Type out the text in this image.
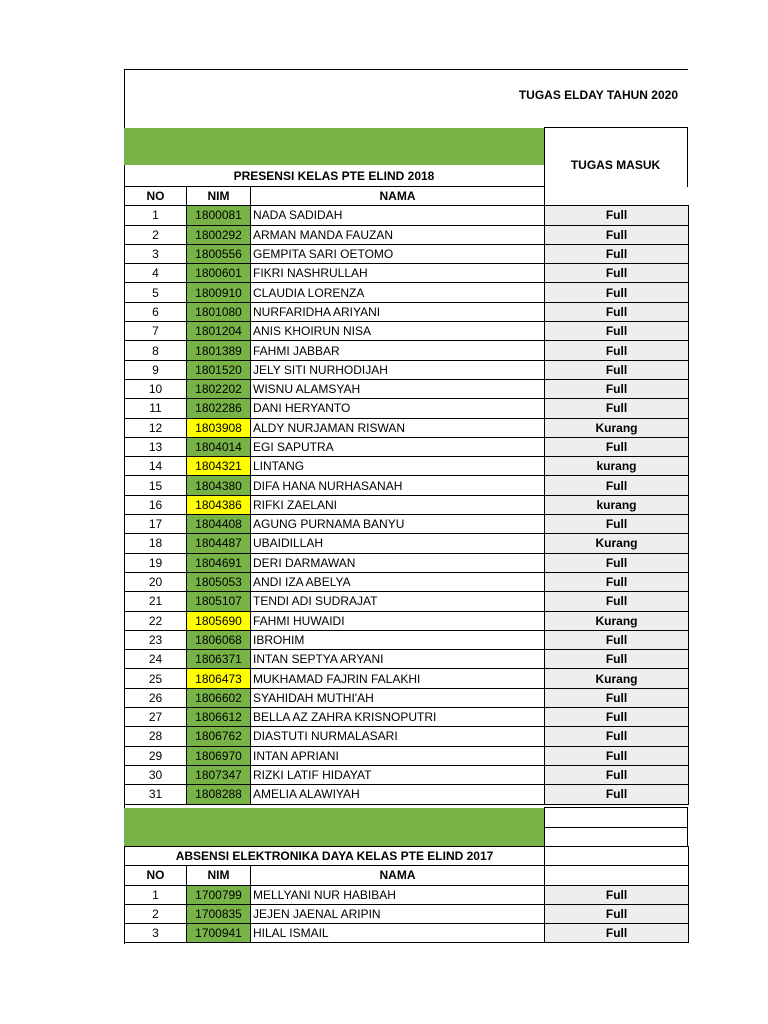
TUGAS ELDAY TAHUN 2020
TUGAS MASUK
PRESENSI KELAS PTE ELIND 2018
NO	NIM	NAMA	
1	1800081	NADA SADIDAH	Full
2	1800292	ARMAN MANDA FAUZAN	Full
3	1800556	GEMPITA SARI OETOMO	Full
4	1800601	FIKRI NASHRULLAH	Full
5	1800910	CLAUDIA LORENZA	Full
6	1801080	NURFARIDHA ARIYANI	Full
7	1801204	ANIS KHOIRUN NISA	Full
8	1801389	FAHMI JABBAR	Full
9	1801520	JELY SITI NURHODIJAH	Full
10	1802202	WISNU ALAMSYAH	Full
11	1802286	DANI HERYANTO	Full
12	1803908	ALDY NURJAMAN RISWAN	Kurang
13	1804014	EGI SAPUTRA	Full
14	1804321	LINTANG	kurang
15	1804380	DIFA HANA NURHASANAH	Full
16	1804386	RIFKI ZAELANI	kurang
17	1804408	AGUNG PURNAMA BANYU	Full
18	1804487	UBAIDILLAH	Kurang
19	1804691	DERI DARMAWAN	Full
20	1805053	ANDI IZA ABELYA	Full
21	1805107	TENDI ADI SUDRAJAT	Full
22	1805690	FAHMI HUWAIDI	Kurang
23	1806068	IBROHIM	Full
24	1806371	INTAN SEPTYA ARYANI	Full
25	1806473	MUKHAMAD FAJRIN FALAKHI	Kurang
26	1806602	SYAHIDAH MUTHI'AH	Full
27	1806612	BELLA AZ ZAHRA KRISNOPUTRI	Full
28	1806762	DIASTUTI NURMALASARI	Full
29	1806970	INTAN APRIANI	Full
30	1807347	RIZKI LATIF HIDAYAT	Full
31	1808288	AMELIA ALAWIYAH	Full
ABSENSI ELEKTRONIKA DAYA KELAS PTE ELIND 2017			
NO	NIM	NAMA	
1	1700799	MELLYANI NUR HABIBAH	Full
2	1700835	JEJEN JAENAL ARIPIN	Full
3	1700941	HILAL ISMAIL	Full
